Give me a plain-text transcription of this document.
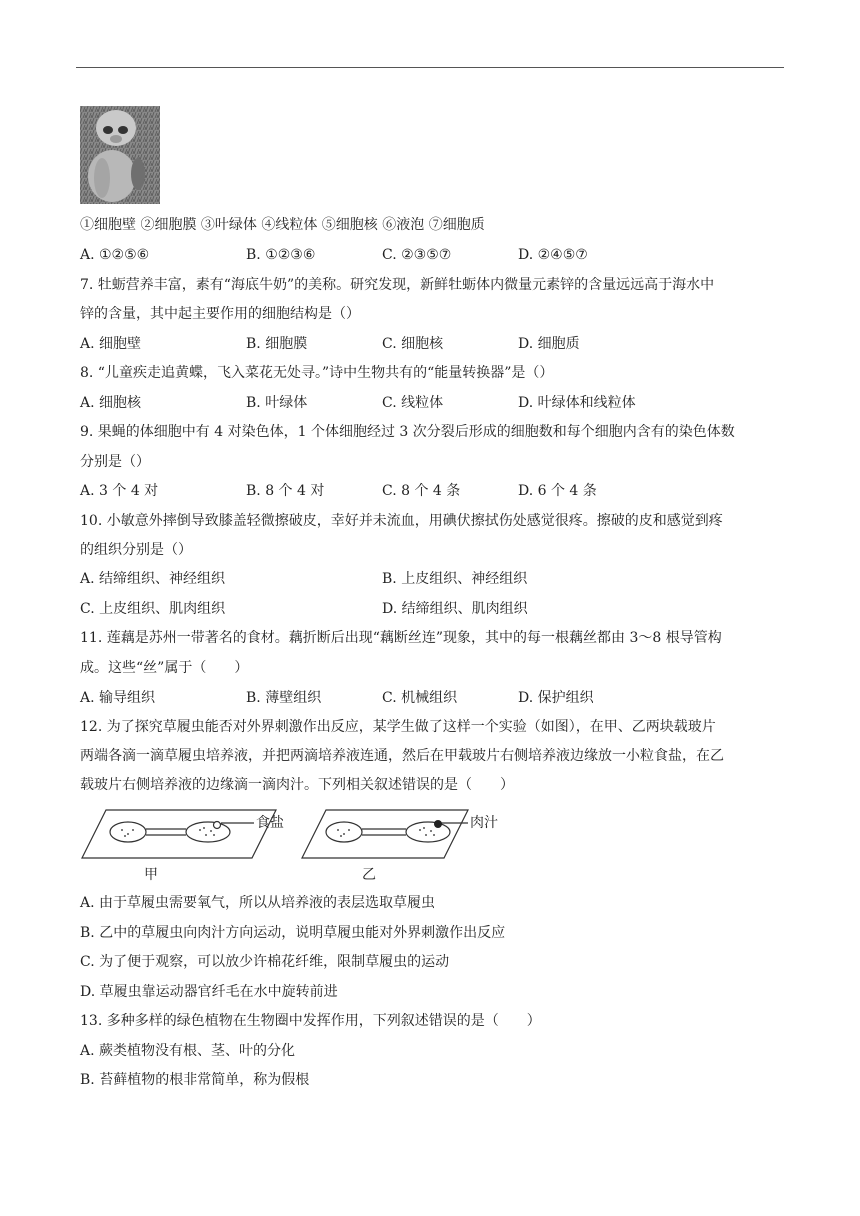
①细胞壁 ②细胞膜 ③叶绿体 ④线粒体 ⑤细胞核 ⑥液泡 ⑦细胞质
A. ①②⑤⑥	B. ①②③⑥	C. ②③⑤⑦	D. ②④⑤⑦
7. 牡蛎营养丰富，素有“海底牛奶”的美称。研究发现，新鲜牡蛎体内微量元素锌的含量远远高于海水中
锌的含量，其中起主要作用的细胞结构是（）
A. 细胞壁	B. 细胞膜	C. 细胞核	D. 细胞质
8. “儿童疾走追黄蝶，飞入菜花无处寻。”诗中生物共有的“能量转换器”是（）
A. 细胞核	B. 叶绿体	C. 线粒体	D. 叶绿体和线粒体
9. 果蝇的体细胞中有 4 对染色体，1 个体细胞经过 3 次分裂后形成的细胞数和每个细胞内含有的染色体数
分别是（）
A. 3 个 4 对	B. 8 个 4 对	C. 8 个 4 条	D. 6 个 4 条
10. 小敏意外摔倒导致膝盖轻微擦破皮，幸好并未流血，用碘伏擦拭伤处感觉很疼。擦破的皮和感觉到疼
的组织分别是（）
A. 结缔组织、神经组织	B. 上皮组织、神经组织
C. 上皮组织、肌肉组织	D. 结缔组织、肌肉组织
11. 莲藕是苏州一带著名的食材。藕折断后出现“藕断丝连”现象，其中的每一根藕丝都由 3～8 根导管构
成。这些“丝”属于（　　）
A. 输导组织	B. 薄壁组织	C. 机械组织	D. 保护组织
12. 为了探究草履虫能否对外界刺激作出反应，某学生做了这样一个实验（如图），在甲、乙两块载玻片
两端各滴一滴草履虫培养液，并把两滴培养液连通，然后在甲载玻片右侧培养液边缘放一小粒食盐，在乙
载玻片右侧培养液的边缘滴一滴肉汁。下列相关叙述错误的是（　　）
食盐	肉汁
甲	乙
A. 由于草履虫需要氧气，所以从培养液的表层选取草履虫
B. 乙中的草履虫向肉汁方向运动，说明草履虫能对外界刺激作出反应
C. 为了便于观察，可以放少许棉花纤维，限制草履虫的运动
D. 草履虫靠运动器官纤毛在水中旋转前进
13. 多种多样的绿色植物在生物圈中发挥作用，下列叙述错误的是（　　）
A. 蕨类植物没有根、茎、叶的分化
B. 苔藓植物的根非常简单，称为假根
